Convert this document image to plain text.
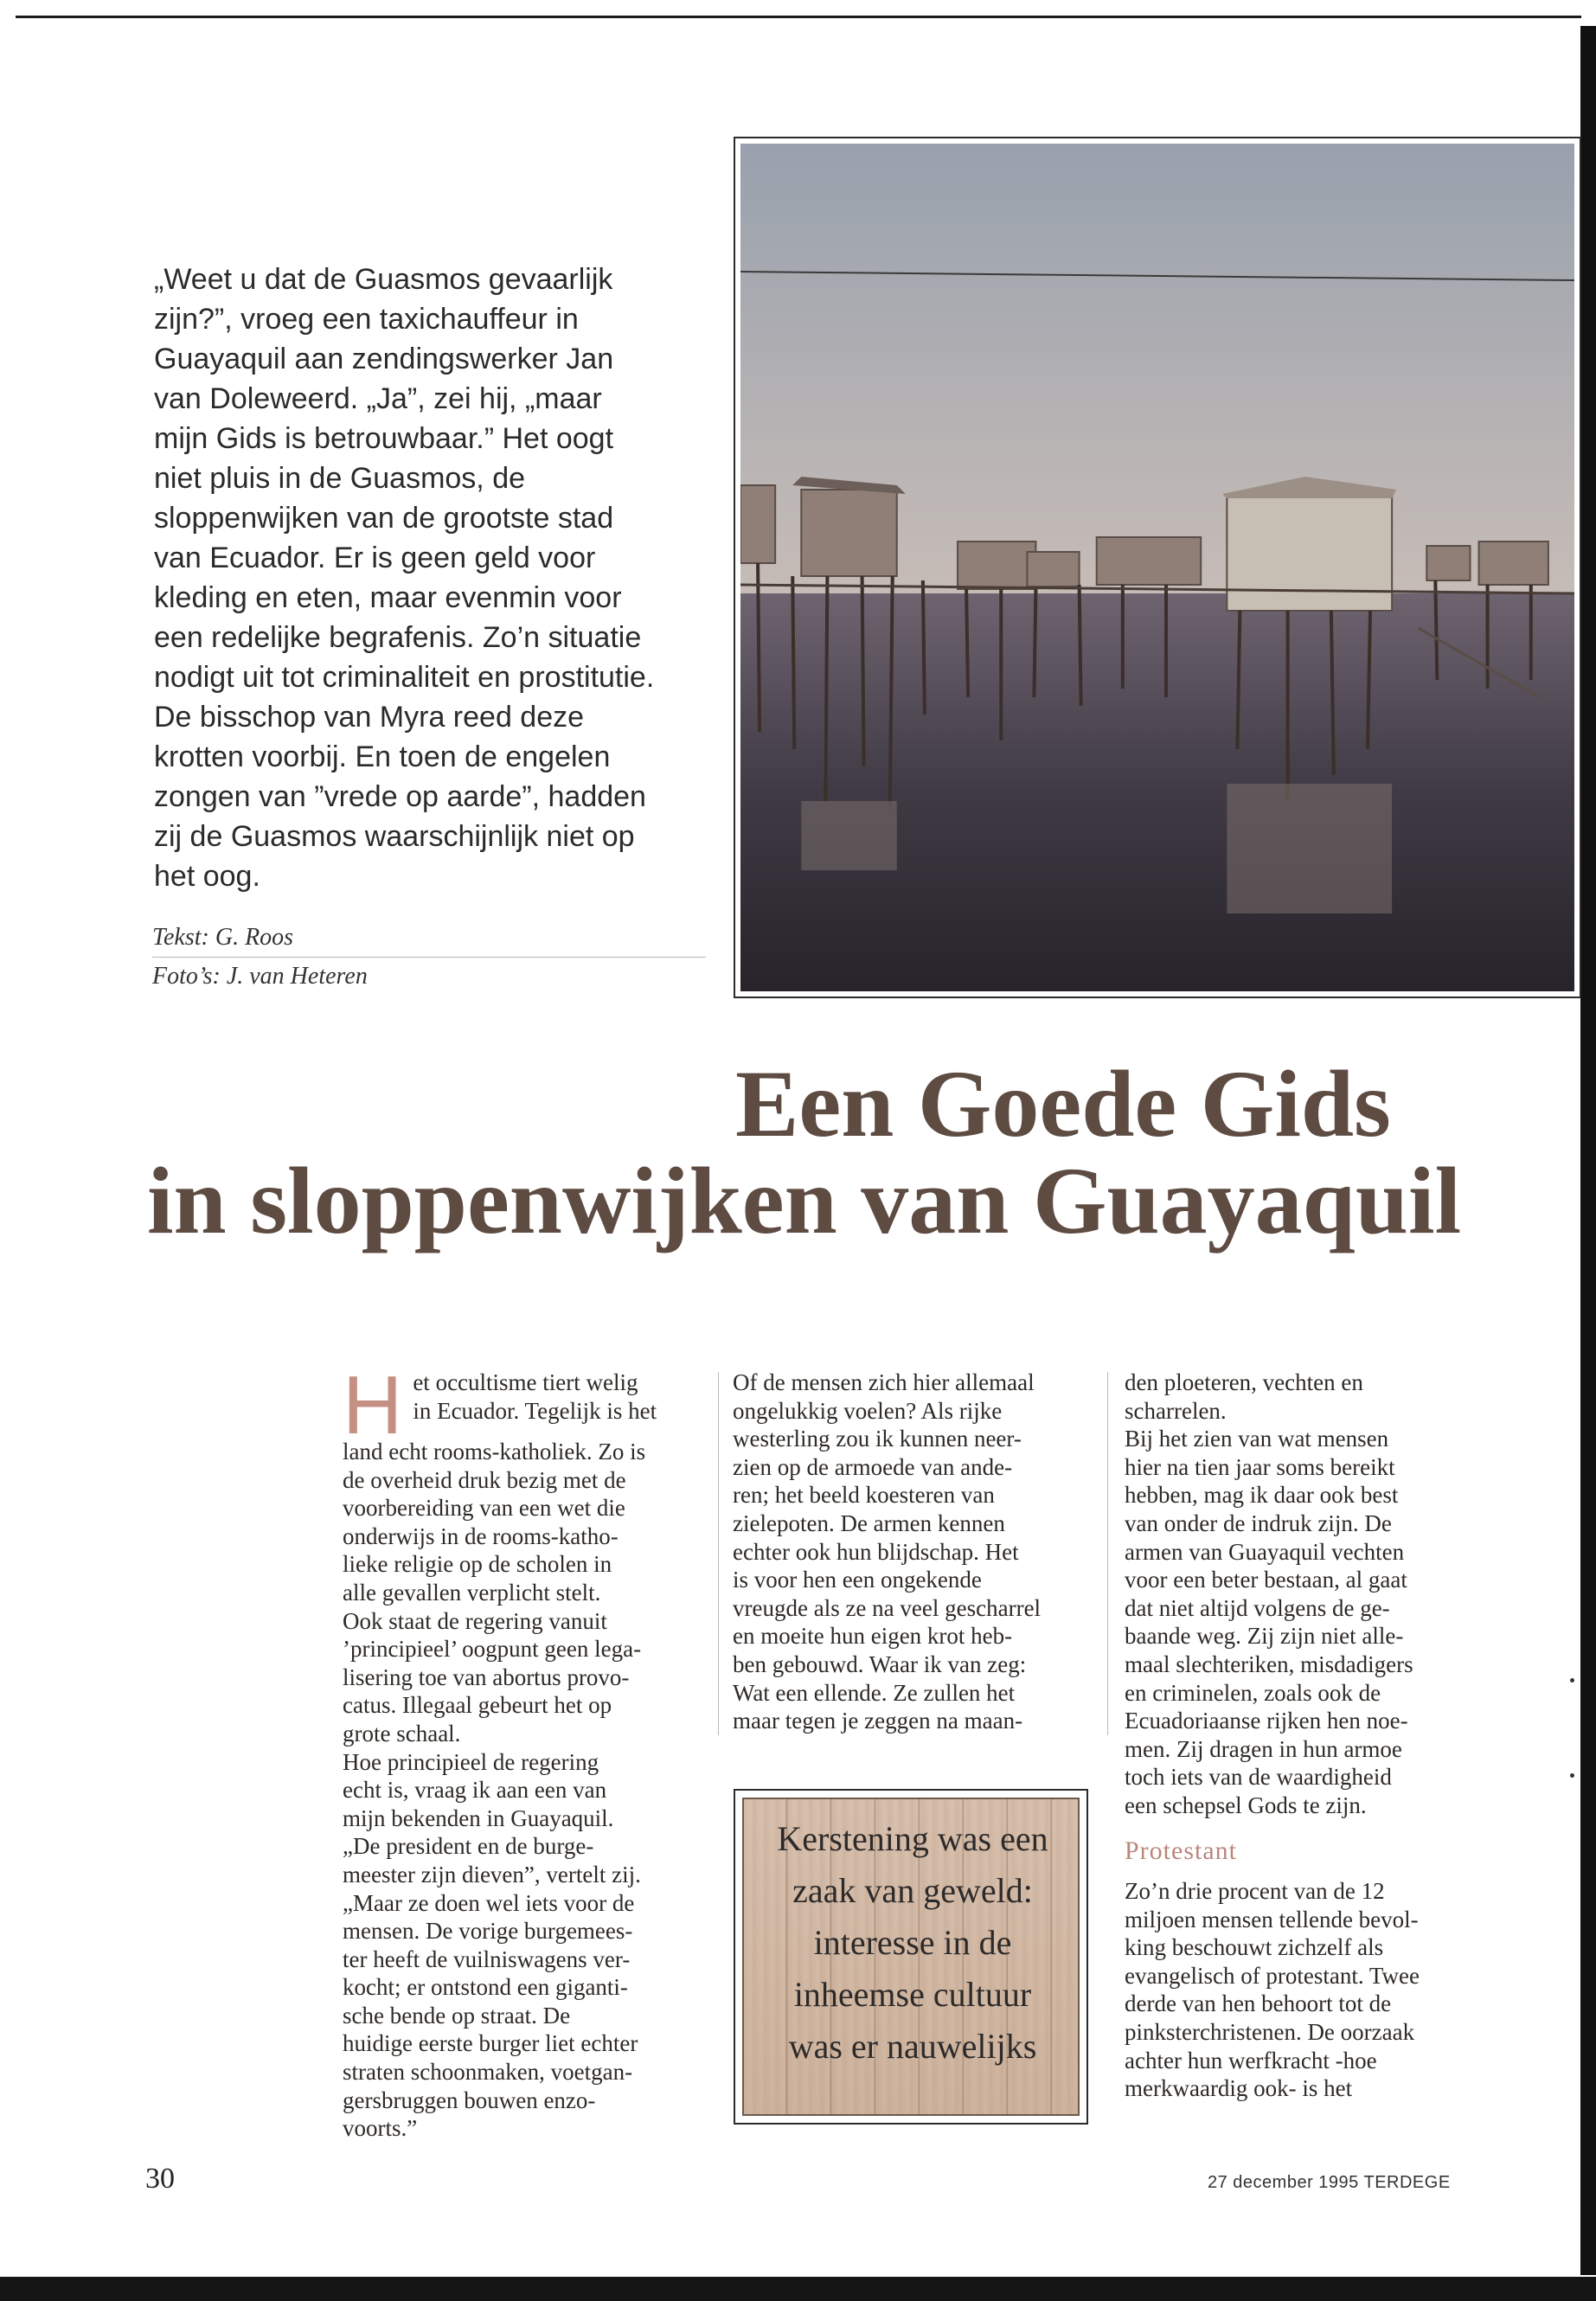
„Weet u dat de Guasmos gevaarlijk
zijn?”, vroeg een taxichauffeur in
Guayaquil aan zendingswerker Jan
van Doleweerd. „Ja”, zei hij, „maar
mijn Gids is betrouwbaar.” Het oogt
niet pluis in de Guasmos, de
sloppenwijken van de grootste stad
van Ecuador. Er is geen geld voor
kleding en eten, maar evenmin voor
een redelijke begrafenis. Zo’n situatie
nodigt uit tot criminaliteit en prostitutie.
De bisschop van Myra reed deze
krotten voorbij. En toen de engelen
zongen van ”vrede op aarde”, hadden
zij de Guasmos waarschijnlijk niet op
het oog.

Tekst: G. Roos
Foto’s: J. van Heteren
Een Goede Gids
in sloppenwijken van Guayaquil
H et occultisme tiert welig
in Ecuador. Tegelijk is het
land echt rooms-katholiek. Zo is
de overheid druk bezig met de
voorbereiding van een wet die
onderwijs in de rooms-katho-
lieke religie op de scholen in
alle gevallen verplicht stelt.
Ook staat de regering vanuit
’principieel’ oogpunt geen lega-
lisering toe van abortus provo-
catus. Illegaal gebeurt het op
grote schaal.
Hoe principieel de regering
echt is, vraag ik aan een van
mijn bekenden in Guayaquil.
„De president en de burge-
meester zijn dieven”, vertelt zij.
„Maar ze doen wel iets voor de
mensen. De vorige burgemees-
ter heeft de vuilniswagens ver-
kocht; er ontstond een giganti-
sche bende op straat. De
huidige eerste burger liet echter
straten schoonmaken, voetgan-
gersbruggen bouwen enzo-
voorts.”
Of de mensen zich hier allemaal
ongelukkig voelen? Als rijke
westerling zou ik kunnen neer-
zien op de armoede van ande-
ren; het beeld koesteren van
zielepoten. De armen kennen
echter ook hun blijdschap. Het
is voor hen een ongekende
vreugde als ze na veel gescharrel
en moeite hun eigen krot heb-
ben gebouwd. Waar ik van zeg:
Wat een ellende. Ze zullen het
maar tegen je zeggen na maan-
Kerstening was een
zaak van geweld:
interesse in de
inheemse cultuur
was er nauwelijks
den ploeteren, vechten en
scharrelen.
Bij het zien van wat mensen
hier na tien jaar soms bereikt
hebben, mag ik daar ook best
van onder de indruk zijn. De
armen van Guayaquil vechten
voor een beter bestaan, al gaat
dat niet altijd volgens de ge-
baande weg. Zij zijn niet alle-
maal slechteriken, misdadigers
en criminelen, zoals ook de
Ecuadoriaanse rijken hen noe-
men. Zij dragen in hun armoe
toch iets van de waardigheid
een schepsel Gods te zijn.
Protestant
Zo’n drie procent van de 12
miljoen mensen tellende bevol-
king beschouwt zichzelf als
evangelisch of protestant. Twee
derde van hen behoort tot de
pinksterchristenen. De oorzaak
achter hun werfkracht -hoe
merkwaardig ook- is het
30	27 december 1995 TERDEGE
